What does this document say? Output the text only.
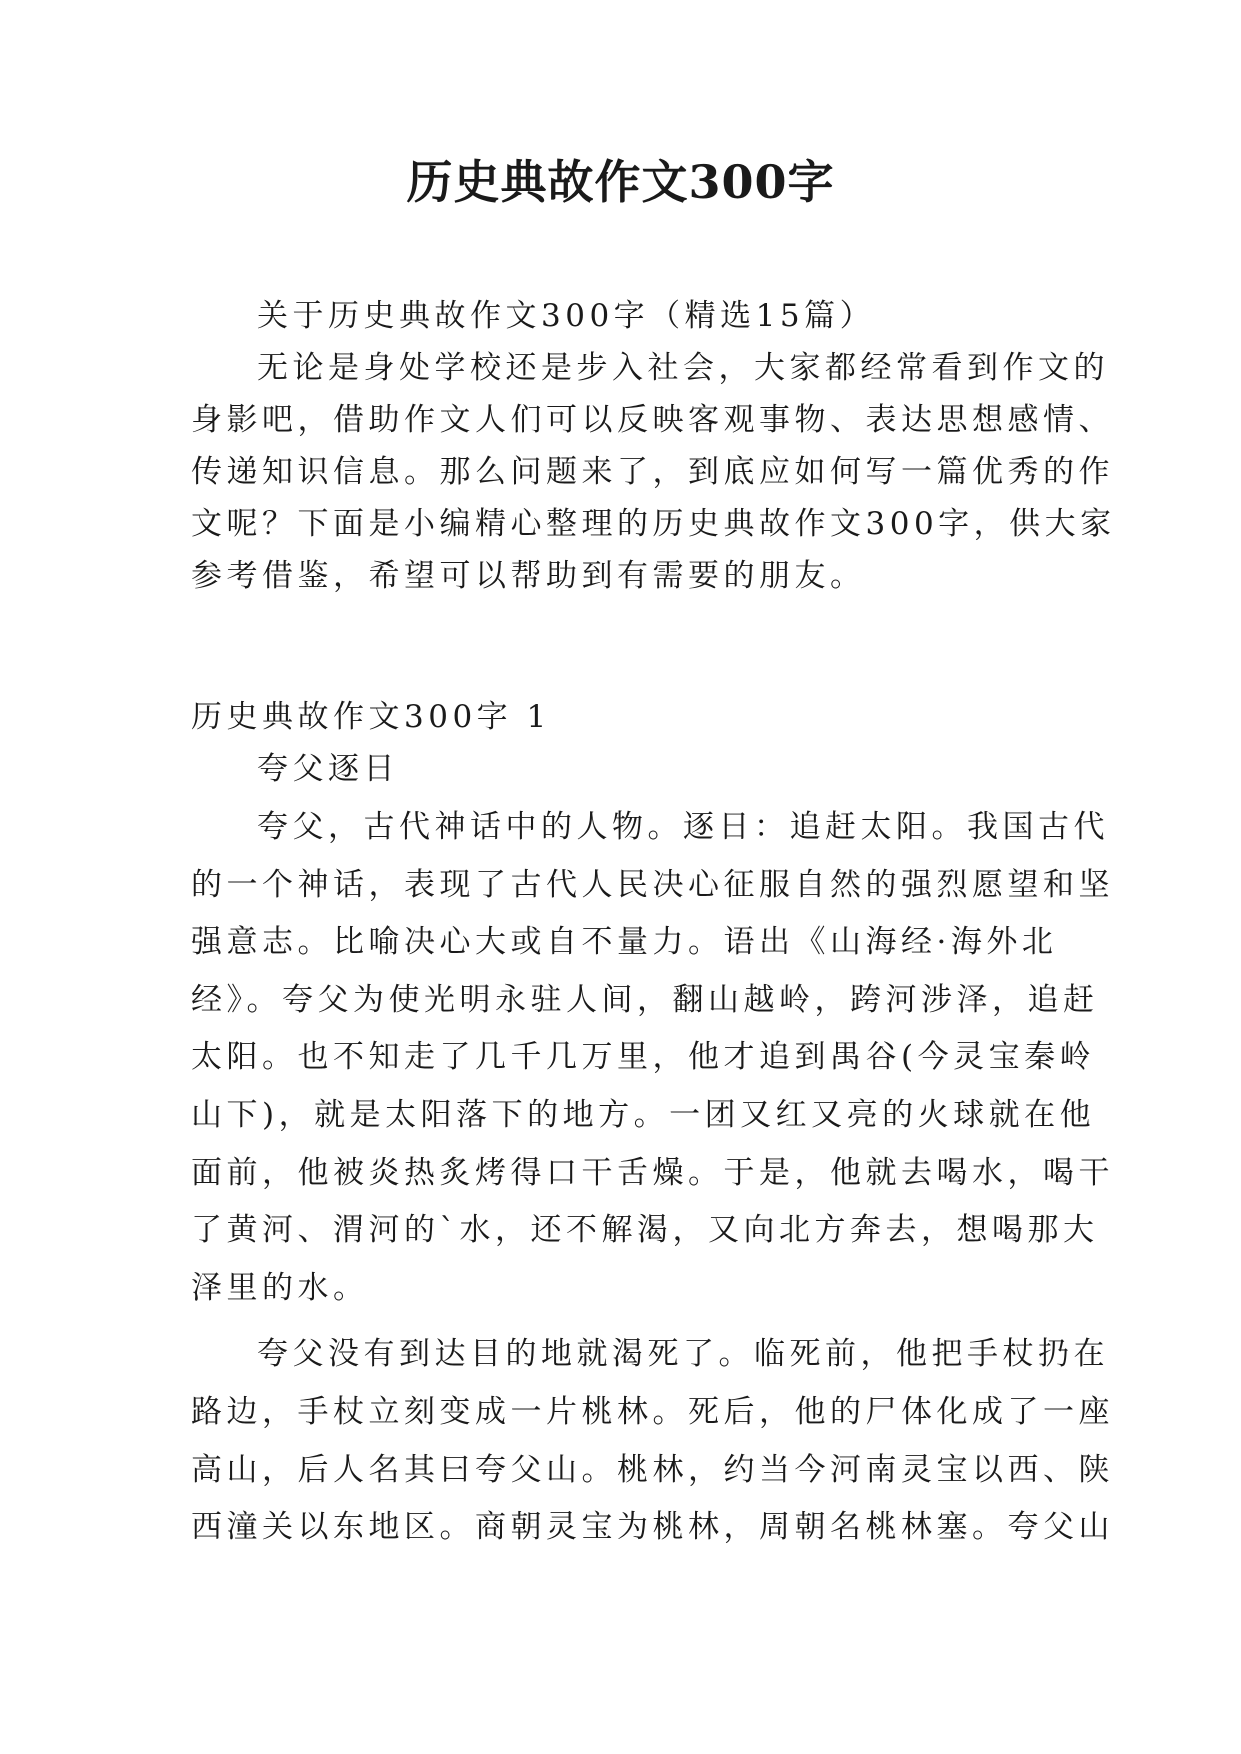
历史典故作文300字

关于历史典故作文300字（精选15篇）

无论是身处学校还是步入社会，大家都经常看到作文的

身影吧，借助作文人们可以反映客观事物、表达思想感情、

传递知识信息。那么问题来了，到底应如何写一篇优秀的作

文呢？下面是小编精心整理的历史典故作文300字，供大家

参考借鉴，希望可以帮助到有需要的朋友。

历史典故作文300字 1

夸父逐日

夸父，古代神话中的人物。逐日：追赶太阳。我国古代

的一个神话，表现了古代人民决心征服自然的强烈愿望和坚

强意志。比喻决心大或自不量力。语出《山海经·海外北

经》。夸父为使光明永驻人间，翻山越岭，跨河涉泽，追赶

太阳。也不知走了几千几万里，他才追到禺谷(今灵宝秦岭

山下)，就是太阳落下的地方。一团又红又亮的火球就在他

面前，他被炎热炙烤得口干舌燥。于是，他就去喝水，喝干

了黄河、渭河的`水，还不解渴，又向北方奔去，想喝那大

泽里的水。

夸父没有到达目的地就渴死了。临死前，他把手杖扔在

路边，手杖立刻变成一片桃林。死后，他的尸体化成了一座

高山，后人名其曰夸父山。桃林，约当今河南灵宝以西、陕

西潼关以东地区。商朝灵宝为桃林，周朝名桃林塞。夸父山
